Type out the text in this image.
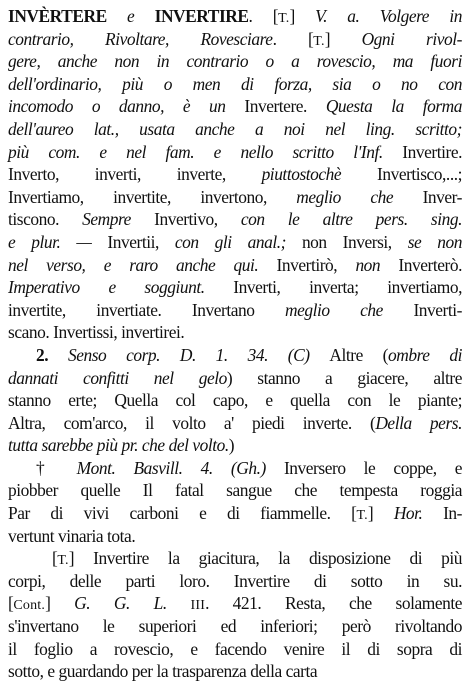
INVÈRTERE e INVERTIRE. [T.] V. a. Volgere in
contrario, Rivoltare, Rovesciare. [T.] Ogni rivol-
gere, anche non in contrario o a rovescio, ma fuori
dell'ordinario, più o men di forza, sia o no con
incomodo o danno, è un Invertere. Questa la forma
dell'aureo lat., usata anche a noi nel ling. scritto;
più com. e nel fam. e nello scritto l'Inf. Invertire.
Inverto, inverti, inverte, piuttostochè Invertisco,...;
Invertiamo, invertite, invertono, meglio che Inver-
tiscono. Sempre Invertivo, con le altre pers. sing.
e plur. — Invertii, con gli anal.; non Inversi, se non
nel verso, e raro anche qui. Invertirò, non Inverterò.
Imperativo e soggiunt. Inverti, inverta; invertiamo,
invertite, invertiate. Invertano meglio che Inverti-
scano. Invertissi, invertirei.
2. Senso corp. D. 1. 34. (C) Altre (ombre di
dannati confitti nel gelo) stanno a giacere, altre
stanno erte; Quella col capo, e quella con le piante;
Altra, com'arco, il volto a' piedi inverte. (Della pers.
tutta sarebbe più pr. che del volto.)
† Mont. Basvill. 4. (Gh.) Inversero le coppe, e
piobber quelle Il fatal sangue che tempesta roggia
Par di vivi carboni e di fiammelle. [T.] Hor. In-
vertunt vinaria tota.
[T.] Invertire la giacitura, la disposizione di più
corpi, delle parti loro. Invertire di sotto in su.
[Cont.] G. G. L. III. 421. Resta, che solamente
s'invertano le superiori ed inferiori; però rivoltando
il foglio a rovescio, e facendo venire il di sopra di
sotto, e guardando per la trasparenza della carta
